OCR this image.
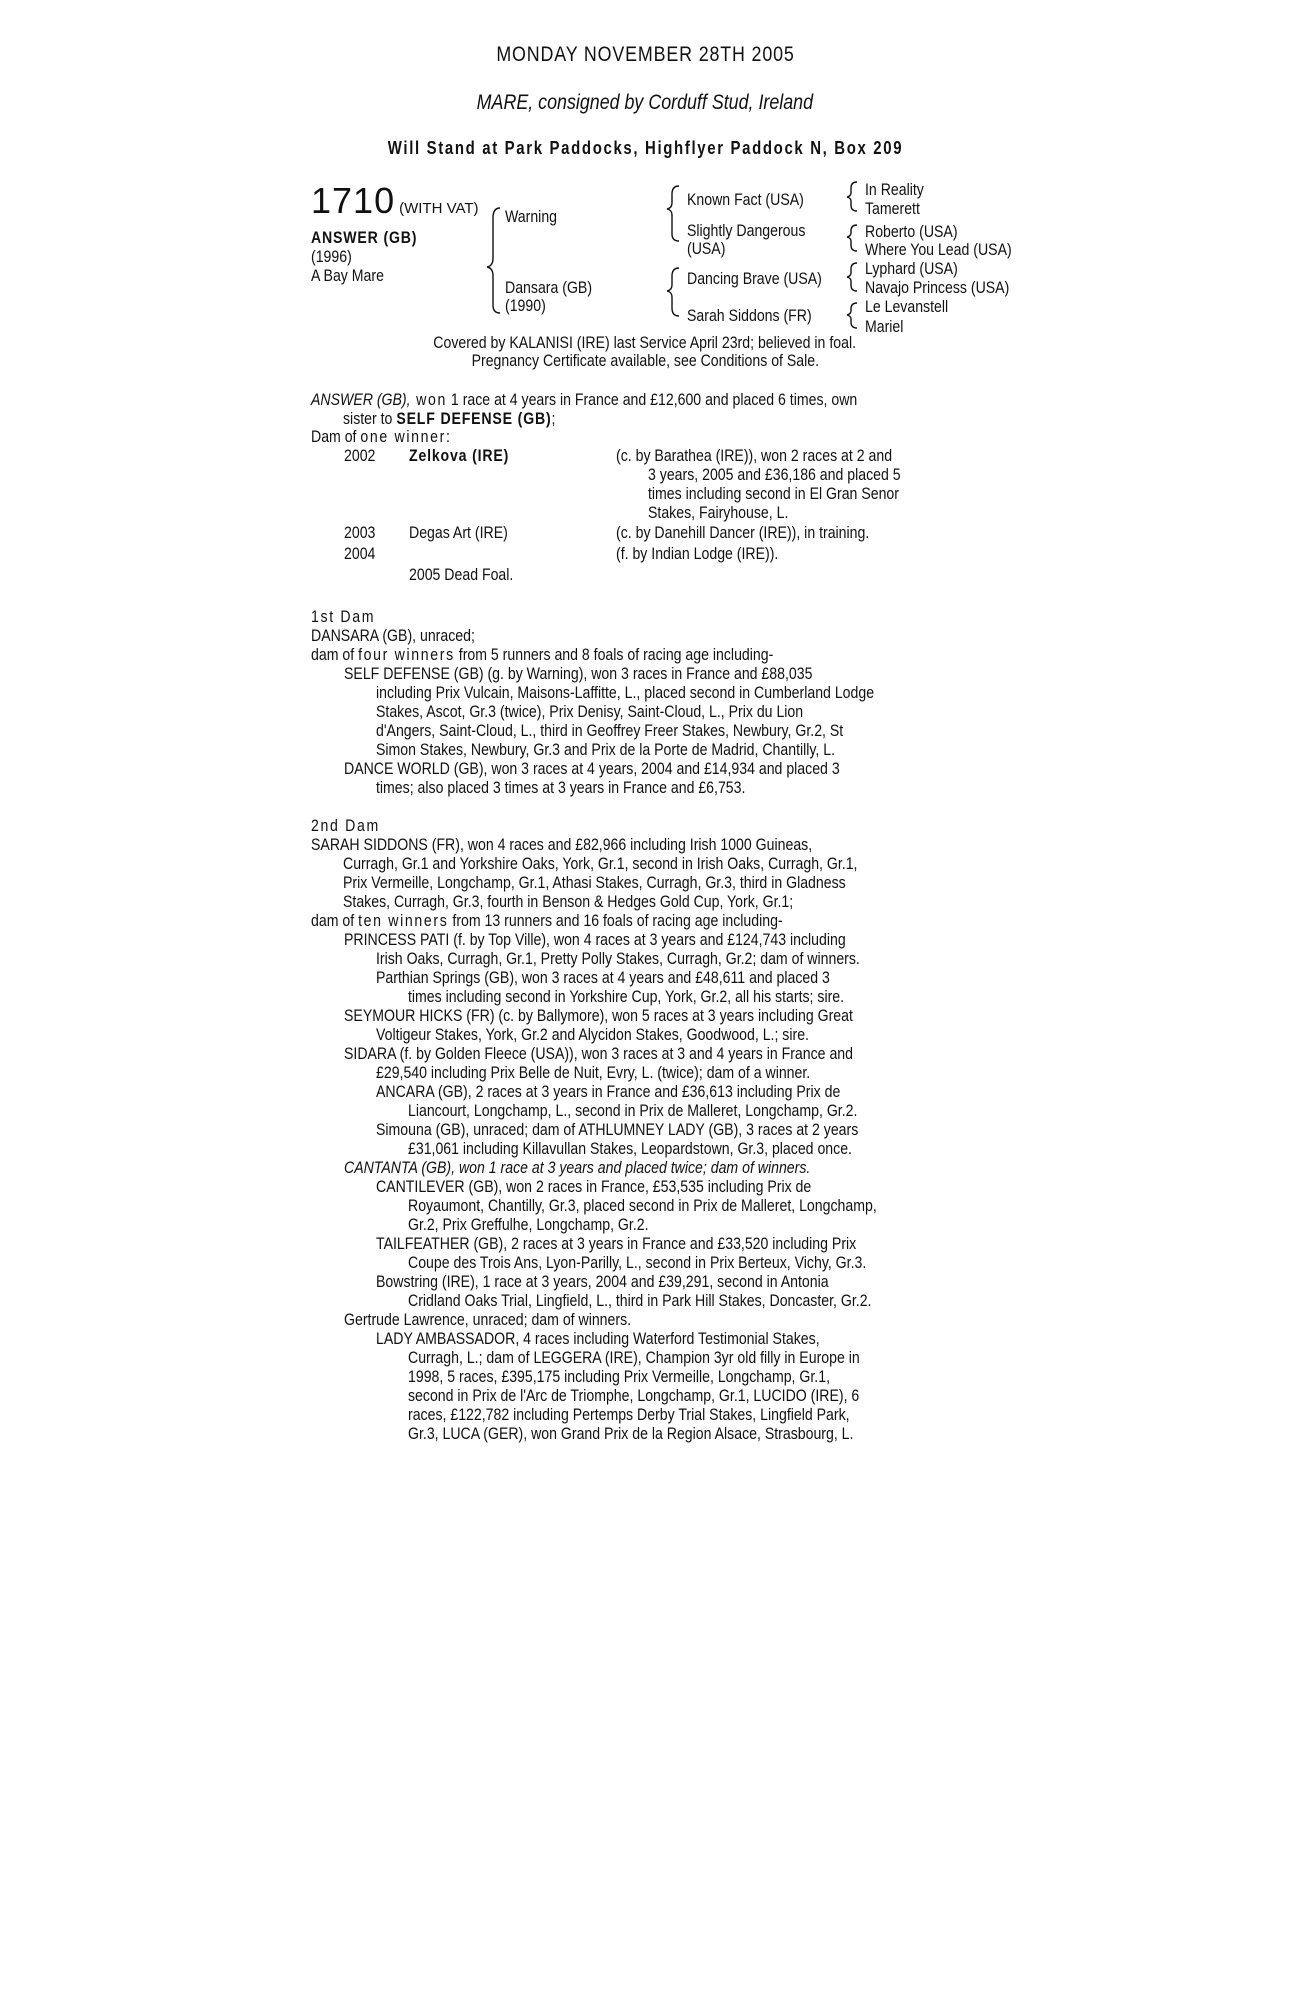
MONDAY NOVEMBER 28TH 2005
MARE, consigned by Corduff Stud, Ireland
Will Stand at Park Paddocks, Highflyer Paddock N, Box 209
1710 (WITH VAT)
ANSWER (GB)
(1996)
A Bay Mare
Warning
Dansara (GB)
(1990)
Known Fact (USA)
Slightly Dangerous
(USA)
Dancing Brave (USA)
Sarah Siddons (FR)
In Reality
Tamerett
Roberto (USA)
Where You Lead (USA)
Lyphard (USA)
Navajo Princess (USA)
Le Levanstell
Mariel
Covered by KALANISI (IRE) last Service April 23rd; believed in foal.
Pregnancy Certificate available, see Conditions of Sale.
ANSWER (GB), won 1 race at 4 years in France and £12,600 and placed 6 times, own
sister to SELF DEFENSE (GB);
Dam of one winner:
2002 Zelkova (IRE)	(c. by Barathea (IRE)), won 2 races at 2 and
3 years, 2005 and £36,186 and placed 5
times including second in El Gran Senor
Stakes, Fairyhouse, L.
2003 Degas Art (IRE)	(c. by Danehill Dancer (IRE)), in training.
2004	(f. by Indian Lodge (IRE)).
2005 Dead Foal.
1st Dam
DANSARA (GB), unraced;
dam of four winners from 5 runners and 8 foals of racing age including-
SELF DEFENSE (GB) (g. by Warning), won 3 races in France and £88,035
including Prix Vulcain, Maisons-Laffitte, L., placed second in Cumberland Lodge
Stakes, Ascot, Gr.3 (twice), Prix Denisy, Saint-Cloud, L., Prix du Lion
d'Angers, Saint-Cloud, L., third in Geoffrey Freer Stakes, Newbury, Gr.2, St
Simon Stakes, Newbury, Gr.3 and Prix de la Porte de Madrid, Chantilly, L.
DANCE WORLD (GB), won 3 races at 4 years, 2004 and £14,934 and placed 3
times; also placed 3 times at 3 years in France and £6,753.
2nd Dam
SARAH SIDDONS (FR), won 4 races and £82,966 including Irish 1000 Guineas,
Curragh, Gr.1 and Yorkshire Oaks, York, Gr.1, second in Irish Oaks, Curragh, Gr.1,
Prix Vermeille, Longchamp, Gr.1, Athasi Stakes, Curragh, Gr.3, third in Gladness
Stakes, Curragh, Gr.3, fourth in Benson & Hedges Gold Cup, York, Gr.1;
dam of ten winners from 13 runners and 16 foals of racing age including-
PRINCESS PATI (f. by Top Ville), won 4 races at 3 years and £124,743 including
Irish Oaks, Curragh, Gr.1, Pretty Polly Stakes, Curragh, Gr.2; dam of winners.
Parthian Springs (GB), won 3 races at 4 years and £48,611 and placed 3
times including second in Yorkshire Cup, York, Gr.2, all his starts; sire.
SEYMOUR HICKS (FR) (c. by Ballymore), won 5 races at 3 years including Great
Voltigeur Stakes, York, Gr.2 and Alycidon Stakes, Goodwood, L.; sire.
SIDARA (f. by Golden Fleece (USA)), won 3 races at 3 and 4 years in France and
£29,540 including Prix Belle de Nuit, Evry, L. (twice); dam of a winner.
ANCARA (GB), 2 races at 3 years in France and £36,613 including Prix de
Liancourt, Longchamp, L., second in Prix de Malleret, Longchamp, Gr.2.
Simouna (GB), unraced; dam of ATHLUMNEY LADY (GB), 3 races at 2 years
£31,061 including Killavullan Stakes, Leopardstown, Gr.3, placed once.
CANTANTA (GB), won 1 race at 3 years and placed twice; dam of winners.
CANTILEVER (GB), won 2 races in France, £53,535 including Prix de
Royaumont, Chantilly, Gr.3, placed second in Prix de Malleret, Longchamp,
Gr.2, Prix Greffulhe, Longchamp, Gr.2.
TAILFEATHER (GB), 2 races at 3 years in France and £33,520 including Prix
Coupe des Trois Ans, Lyon-Parilly, L., second in Prix Berteux, Vichy, Gr.3.
Bowstring (IRE), 1 race at 3 years, 2004 and £39,291, second in Antonia
Cridland Oaks Trial, Lingfield, L., third in Park Hill Stakes, Doncaster, Gr.2.
Gertrude Lawrence, unraced; dam of winners.
LADY AMBASSADOR, 4 races including Waterford Testimonial Stakes,
Curragh, L.; dam of LEGGERA (IRE), Champion 3yr old filly in Europe in
1998, 5 races, £395,175 including Prix Vermeille, Longchamp, Gr.1,
second in Prix de l'Arc de Triomphe, Longchamp, Gr.1, LUCIDO (IRE), 6
races, £122,782 including Pertemps Derby Trial Stakes, Lingfield Park,
Gr.3, LUCA (GER), won Grand Prix de la Region Alsace, Strasbourg, L.
